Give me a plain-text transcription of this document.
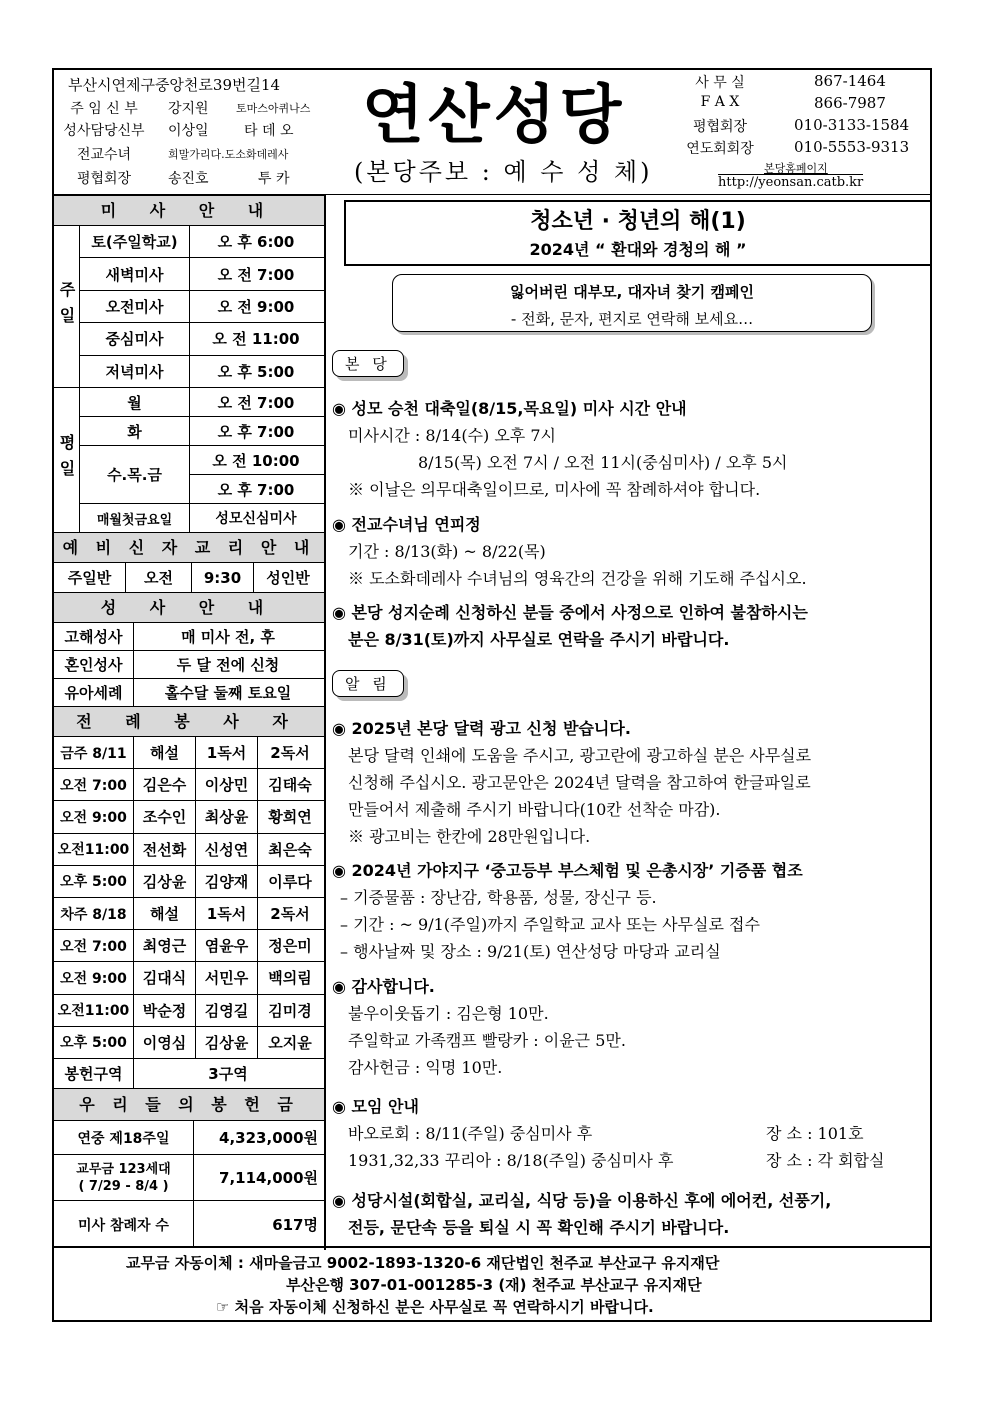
부산시연제구중앙천로39번길14
주 임 신 부	강지원 토마스아퀴나스
성사담당신부 이상일	타 데 오
전교수녀	희말가리다.도소화데레사
평협회장	송진호	투 카
연산성당
(본당주보 : 예 수 성 체)
사 무 실	867-1464
F A X	866-7987
평협회장	010-3133-1584
연도회회장	010-5553-9313
본당홈페이지
http://yeonsan.catb.kr
미 사 안 내
주일
토(주일학교)	오 후 6:00
새벽미사	오 전 7:00
오전미사	오 전 9:00
중심미사	오 전 11:00
저녁미사	오 후 5:00
평일
월	오 전 7:00
화	오 후 7:00
수.목.금
오 전 10:00
오 후 7:00
매월첫금요일	성모신심미사
예 비 신 자 교 리 안 내
주일반	오전	9:30	성인반
성 사 안 내
고해성사	매 미사 전, 후
혼인성사	두 달 전에 신청
유아세례	홀수달 둘째 토요일
전 례 봉 사 자
금주 8/11	해설	1독서	2독서
오전 7:00	김은수	이상민	김태숙
오전 9:00	조수인	최상윤	황희연
오전11:00 전선화	신성연	최은숙
오후 5:00	김상윤	김양재	이루다
차주 8/18	해설	1독서	2독서
오전 7:00	최영근	염윤우	정은미
오전 9:00	김대식	서민우	백의림
오전11:00 박순정	김영길	김미경
오후 5:00	이영심	김상윤	오지윤
봉헌구역	3구역
우 리 들 의 봉 헌 금
연중 제18주일	4,323,000원
교무금 123세대
( 7/29 - 8/4 )	7,114,000원
미사 참례자 수	617명
청소년 · 청년의 해(1)
2024년 “ 환대와 경청의 해 ”
잃어버린 대부모, 대자녀 찾기 캠페인
- 전화, 문자, 편지로 연락해 보세요…
본 당
◉ 성모 승천 대축일(8/15,목요일) 미사 시간 안내
미사시간 : 8/14(수) 오후 7시
8/15(목) 오전 7시 / 오전 11시(중심미사) / 오후 5시
※ 이날은 의무대축일이므로, 미사에 꼭 참례하셔야 합니다.
◉ 전교수녀님 연피정
기간 : 8/13(화) ~ 8/22(목)
※ 도소화데레사 수녀님의 영육간의 건강을 위해 기도해 주십시오.
◉ 본당 성지순례 신청하신 분들 중에서 사정으로 인하여 불참하시는
분은 8/31(토)까지 사무실로 연락을 주시기 바랍니다.
알 림
◉ 2025년 본당 달력 광고 신청 받습니다.
본당 달력 인쇄에 도움을 주시고, 광고란에 광고하실 분은 사무실로
신청해 주십시오. 광고문안은 2024년 달력을 참고하여 한글파일로
만들어서 제출해 주시기 바랍니다(10칸 선착순 마감).
※ 광고비는 한칸에 28만원입니다.
◉ 2024년 가야지구 ‘중고등부 부스체험 및 은총시장’ 기증품 협조
– 기증물품 : 장난감, 학용품, 성물, 장신구 등.
– 기간 : ~ 9/1(주일)까지 주일학교 교사 또는 사무실로 접수
– 행사날짜 및 장소 : 9/21(토) 연산성당 마당과 교리실
◉ 감사합니다.
불우이웃돕기 : 김은형 10만.
주일학교 가족캠프 빨랑카 : 이윤근 5만.
감사헌금 : 익명 10만.
◉ 모임 안내
바오로회 : 8/11(주일) 중심미사 후
1931,32,33 꾸리아 : 8/18(주일) 중심미사 후
장 소 : 101호
장 소 : 각 회합실
◉ 성당시설(회합실, 교리실, 식당 등)을 이용하신 후에 에어컨, 선풍기,
전등, 문단속 등을 퇴실 시 꼭 확인해 주시기 바랍니다.
교무금 자동이체 : 새마을금고 9002-1893-1320-6 재단법인 천주교 부산교구 유지재단
부산은행 307-01-001285-3 (재) 천주교 부산교구 유지재단
☞ 처음 자동이체 신청하신 분은 사무실로 꼭 연락하시기 바랍니다.
